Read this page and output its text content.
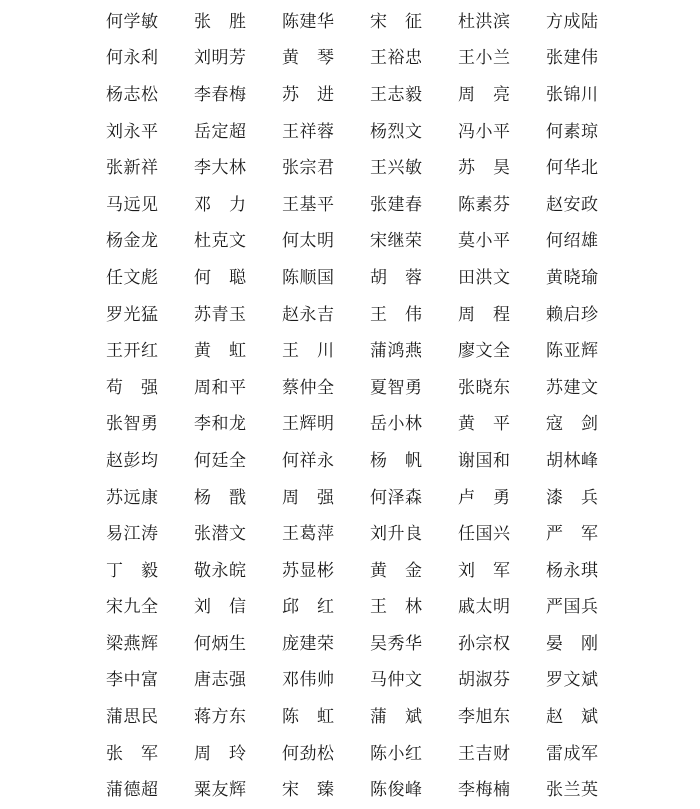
何学敏 张　胜 陈建华 宋　征 杜洪滨 方成陆
何永利 刘明芳 黄　琴 王裕忠 王小兰 张建伟
杨志松 李春梅 苏　进 王志毅 周　亮 张锦川
刘永平 岳定超 王祥蓉 杨烈文 冯小平 何素琼
张新祥 李大林 张宗君 王兴敏 苏　昊 何华北
马远见 邓　力 王基平 张建春 陈素芬 赵安政
杨金龙 杜克文 何太明 宋继荣 莫小平 何绍雄
任文彪 何　聪 陈顺国 胡　蓉 田洪文 黄晓瑜
罗光猛 苏青玉 赵永吉 王　伟 周　程 赖启珍
王开红 黄　虹 王　川 蒲鸿燕 廖文全 陈亚辉
苟　强 周和平 蔡仲全 夏智勇 张晓东 苏建文
张智勇 李和龙 王辉明 岳小林 黄　平 寇　剑
赵彭均 何廷全 何祥永 杨　帆 谢国和 胡林峰
苏远康 杨　戬 周　强 何泽森 卢　勇 漆　兵
易江涛 张潜文 王葛萍 刘升良 任国兴 严　军
丁　毅 敬永皖 苏显彬 黄　金 刘　军 杨永琪
宋九全 刘　信 邱　红 王　林 戚太明 严国兵
梁燕辉 何炳生 庞建荣 吴秀华 孙宗权 晏　刚
李中富 唐志强 邓伟帅 马仲文 胡淑芬 罗文斌
蒲思民 蒋方东 陈　虹 蒲　斌 李旭东 赵　斌
张　军 周　玲 何劲松 陈小红 王吉财 雷成军
蒲德超 粟友辉 宋　臻 陈俊峰 李梅楠 张兰英
